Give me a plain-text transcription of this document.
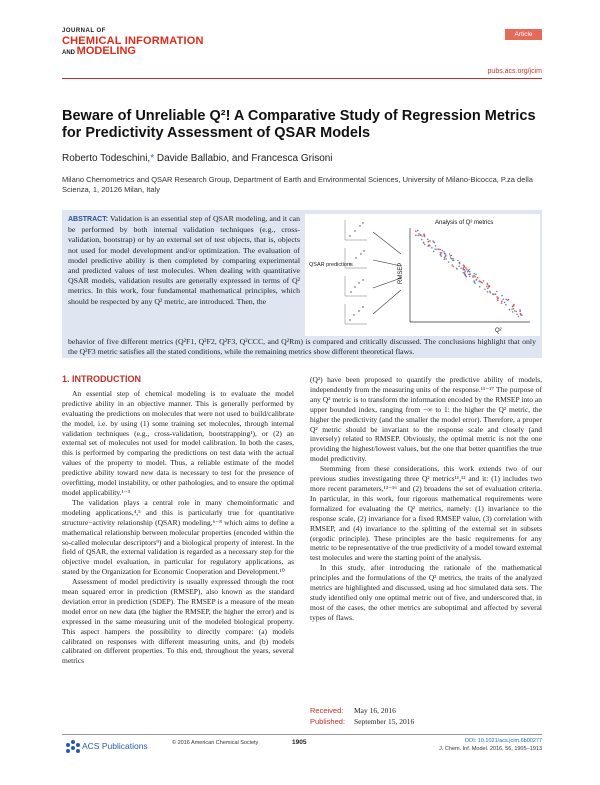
JOURNAL OF
CHEMICAL INFORMATION
AND MODELING
Article
pubs.acs.org/jcim
Beware of Unreliable Q²! A Comparative Study of Regression Metrics for Predictivity Assessment of QSAR Models
Roberto Todeschini,* Davide Ballabio, and Francesca Grisoni
Milano Chemometrics and QSAR Research Group, Department of Earth and Environmental Sciences, University of Milano-Bicocca, P.za della Scienza, 1, 20126 Milan, Italy
ABSTRACT: Validation is an essential step of QSAR modeling, and it can be performed by both internal validation techniques (e.g., cross-validation, bootstrap) or by an external set of test objects, that is, objects not used for model development and/or optimization. The evaluation of model predictive ability is then completed by comparing experimental and predicted values of test molecules. When dealing with quantitative QSAR models, validation results are generally expressed in terms of Q² metrics. In this work, four fundamental mathematical principles, which should be respected by any Q² metric, are introduced. Then, the
QSAR predictions
Analysis of Q² metrics
RMSEP
Q²
behavior of five different metrics (Q²F1, Q²F2, Q²F3, Q²CCC, and Q²Rm) is compared and critically discussed. The conclusions highlight that only the Q²F3 metric satisfies all the stated conditions, while the remaining metrics show different theoretical flaws.
1. INTRODUCTION

An essential step of chemical modeling is to evaluate the model predictive ability in an objective manner. This is generally performed by evaluating the predictions on molecules that were not used to build/calibrate the model, i.e. by using (1) some training set molecules, through internal validation techniques (e.g., cross-validation, bootstrapping¹), or (2) an external set of molecules not used for model calibration. In both the cases, this is performed by comparing the predictions on test data with the actual values of the property to model. Thus, a reliable estimate of the model predictive ability toward new data is necessary to test for the presence of overfitting, model instability, or other pathologies, and to ensure the optimal model applicability.¹⁻³

The validation plays a central role in many chemoinformatic and modeling applications,⁴,⁵ and this is particularly true for quantitative structure−activity relationship (QSAR) modeling,⁶⁻⁸ which aims to define a mathematical relationship between molecular properties (encoded within the so-called molecular descriptors⁹) and a biological property of interest. In the field of QSAR, the external validation is regarded as a necessary step for the objective model evaluation, in particular for regulatory applications, as stated by the Organization for Economic Cooperation and Development.¹⁰

Assessment of model predictivity is usually expressed through the root mean squared error in prediction (RMSEP), also known as the standard deviation error in prediction (SDEP). The RMSEP is a measure of the mean model error on new data (the higher the RMSEP, the higher the error) and is expressed in the same measuring unit of the modeled biological property. This aspect hampers the possibility to directly compare: (a) models calibrated on responses with different measuring units, and (b) models calibrated on different properties. To this end, throughout the years, several metrics

(Q²) have been proposed to quantify the predictive ability of models, independently from the measuring units of the response.¹¹⁻¹⁷ The purpose of any Q² metric is to transform the information encoded by the RMSEP into an upper bounded index, ranging from −∞ to 1: the higher the Q² metric, the higher the predictivity (and the smaller the model error). Therefore, a proper Q² metric should be invariant to the response scale and closely (and inversely) related to RMSEP. Obviously, the optimal metric is not the one providing the highest/lowest values, but the one that better quantifies the true model predictivity.

Stemming from these considerations, this work extends two of our previous studies investigating three Q² metrics¹¹,¹² and it: (1) includes two more recent parameters,¹³⁻¹⁶ and (2) broadens the set of evaluation criteria. In particular, in this work, four rigorous mathematical requirements were formalized for evaluating the Q² metrics, namely: (1) invariance to the response scale, (2) invariance for a fixed RMSEP value, (3) correlation with RMSEP, and (4) invariance to the splitting of the external set in subsets (ergodic principle). These principles are the basic requirements for any metric to be representative of the true predictivity of a model toward external test molecules and were the starting point of the analysis.

In this study, after introducing the rationale of the mathematical principles and the formulations of the Q² metrics, the traits of the analyzed metrics are highlighted and discussed, using ad hoc simulated data sets. The study identified only one optimal metric out of five, and underscored that, in most of the cases, the other metrics are suboptimal and affected by several types of flaws.

Received: May 16, 2016
Published: September 15, 2016
ACS Publications	© 2016 American Chemical Society	1905	DOI: 10.1021/acs.jcim.6b00277
J. Chem. Inf. Model. 2016, 56, 1905−1913
